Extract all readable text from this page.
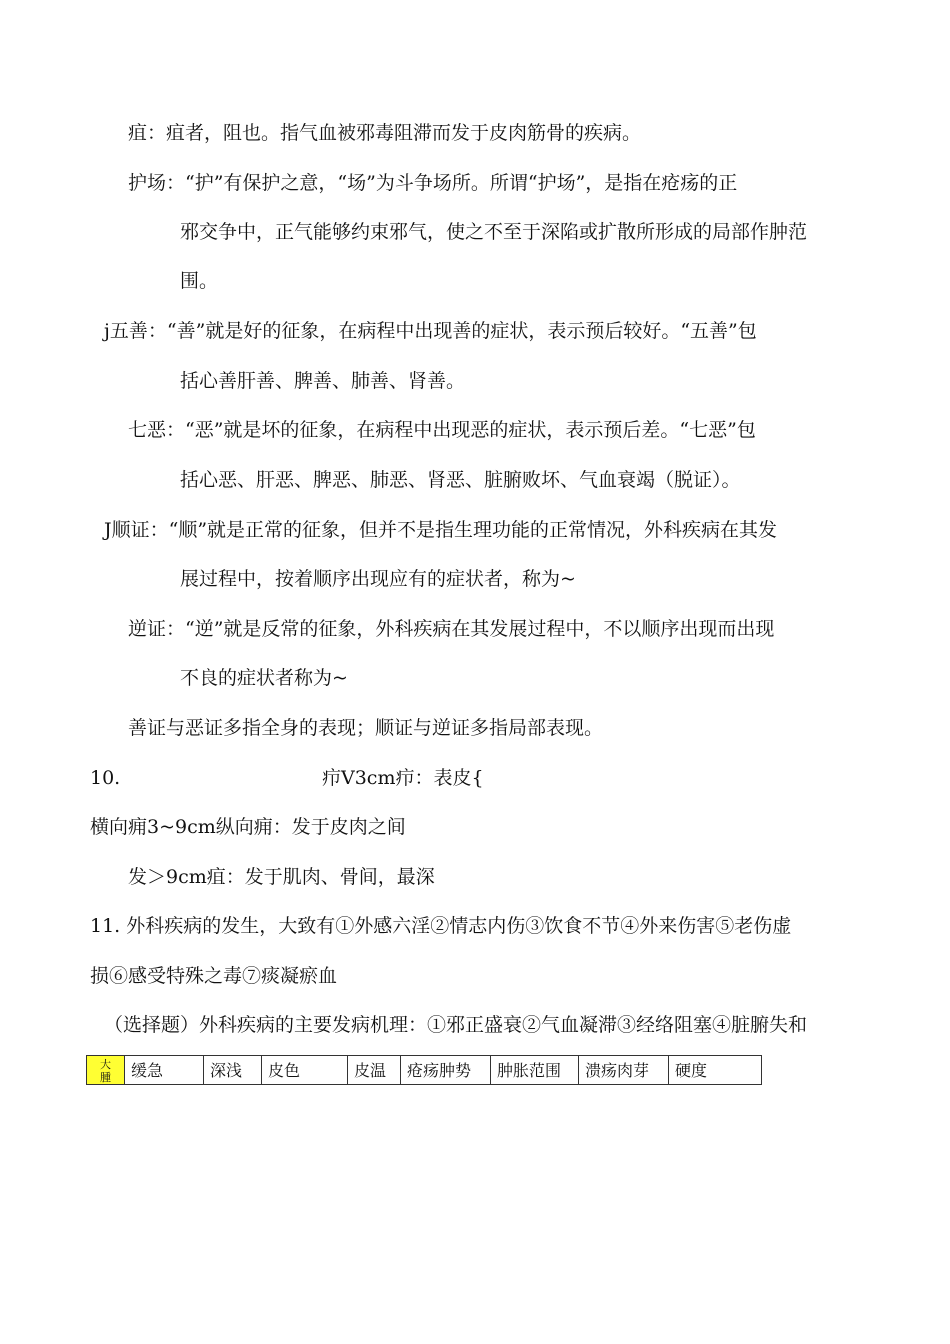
疽：疽者，阻也。指气血被邪毒阻滞而发于皮肉筋骨的疾病。
护场：“护”有保护之意，“场”为斗争场所。所谓“护场”，是指在疮疡的正
邪交争中，正气能够约束邪气，使之不至于深陷或扩散所形成的局部作肿范
围。
j五善：“善”就是好的征象，在病程中出现善的症状，表示预后较好。“五善”包
括心善肝善、脾善、肺善、肾善。
七恶：“恶”就是坏的征象，在病程中出现恶的症状，表示预后差。“七恶”包
括心恶、肝恶、脾恶、肺恶、肾恶、脏腑败坏、气血衰竭（脱证）。
J顺证：“顺”就是正常的征象，但并不是指生理功能的正常情况，外科疾病在其发
展过程中，按着顺序出现应有的症状者，称为~
逆证：“逆”就是反常的征象，外科疾病在其发展过程中，不以顺序出现而出现
不良的症状者称为~
善证与恶证多指全身的表现；顺证与逆证多指局部表现。
10.	疖V3cm疖：表皮{
横向痈3~9cm纵向痈：发于皮肉之间
发＞9cm疽：发于肌肉、骨间，最深
11. 外科疾病的发生，大致有①外感六淫②情志内伤③饮食不节④外来伤害⑤老伤虚
损⑥感受特殊之毒⑦痰凝瘀血
（选择题）外科疾病的主要发病机理：①邪正盛衰②气血凝滞③经络阻塞④脏腑失和
大
腫	缓急	深浅	皮色	皮温	疮疡肿势	肿胀范围	溃疡肉芽	硬度
